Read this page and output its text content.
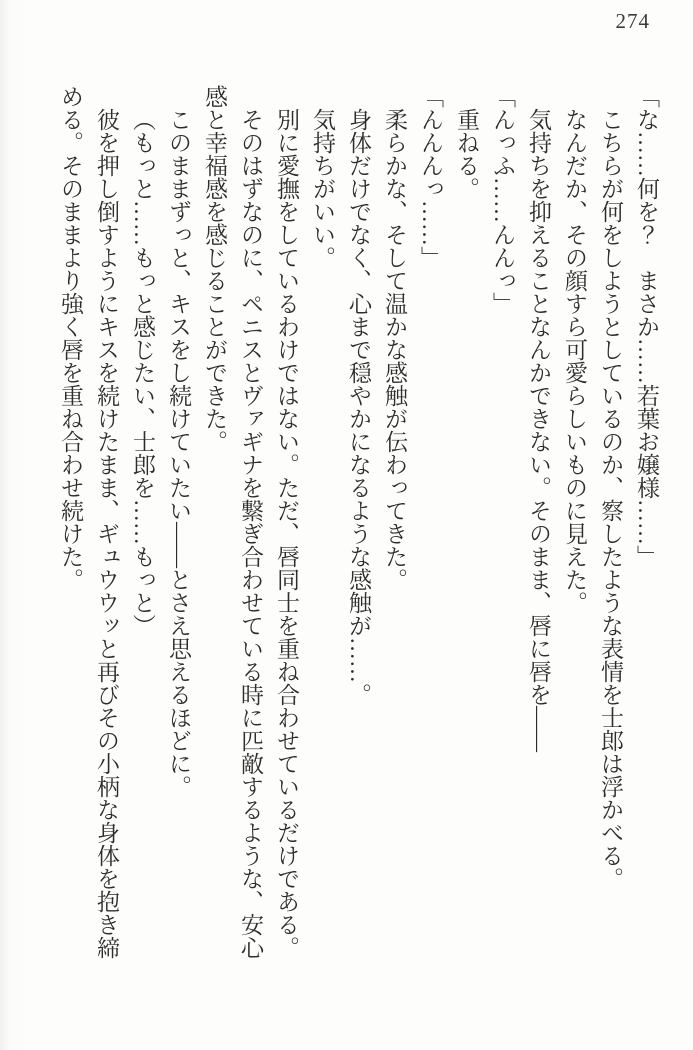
274

「な……何を？　まさか……若葉お嬢様……」

こちらが何をしようとしているのか、察したような表情を士郎は浮かべる。

なんだか、その顔すら可愛らしいものに見えた。

気持ちを抑えることなんかできない。そのまま、唇に唇を――

「んっふ……んんっ」

重ねる。

「んんんっ……」

柔らかな、そして温かな感触が伝わってきた。

身体だけでなく、心まで穏やかになるような感触が……。

気持ちがいい。

別に愛撫をしているわけではない。ただ、唇同士を重ね合わせているだけである。

そのはずなのに、ペニスとヴァギナを繋ぎ合わせている時に匹敵するような、安心

感と幸福感を感じることができた。

このままずっと、キスをし続けていたい――とさえ思えるほどに。

（もっと……もっと感じたい、士郎を……もっと）

彼を押し倒すようにキスを続けたまま、ギュウウッと再びその小柄な身体を抱き締

める。そのままより強く唇を重ね合わせ続けた。
